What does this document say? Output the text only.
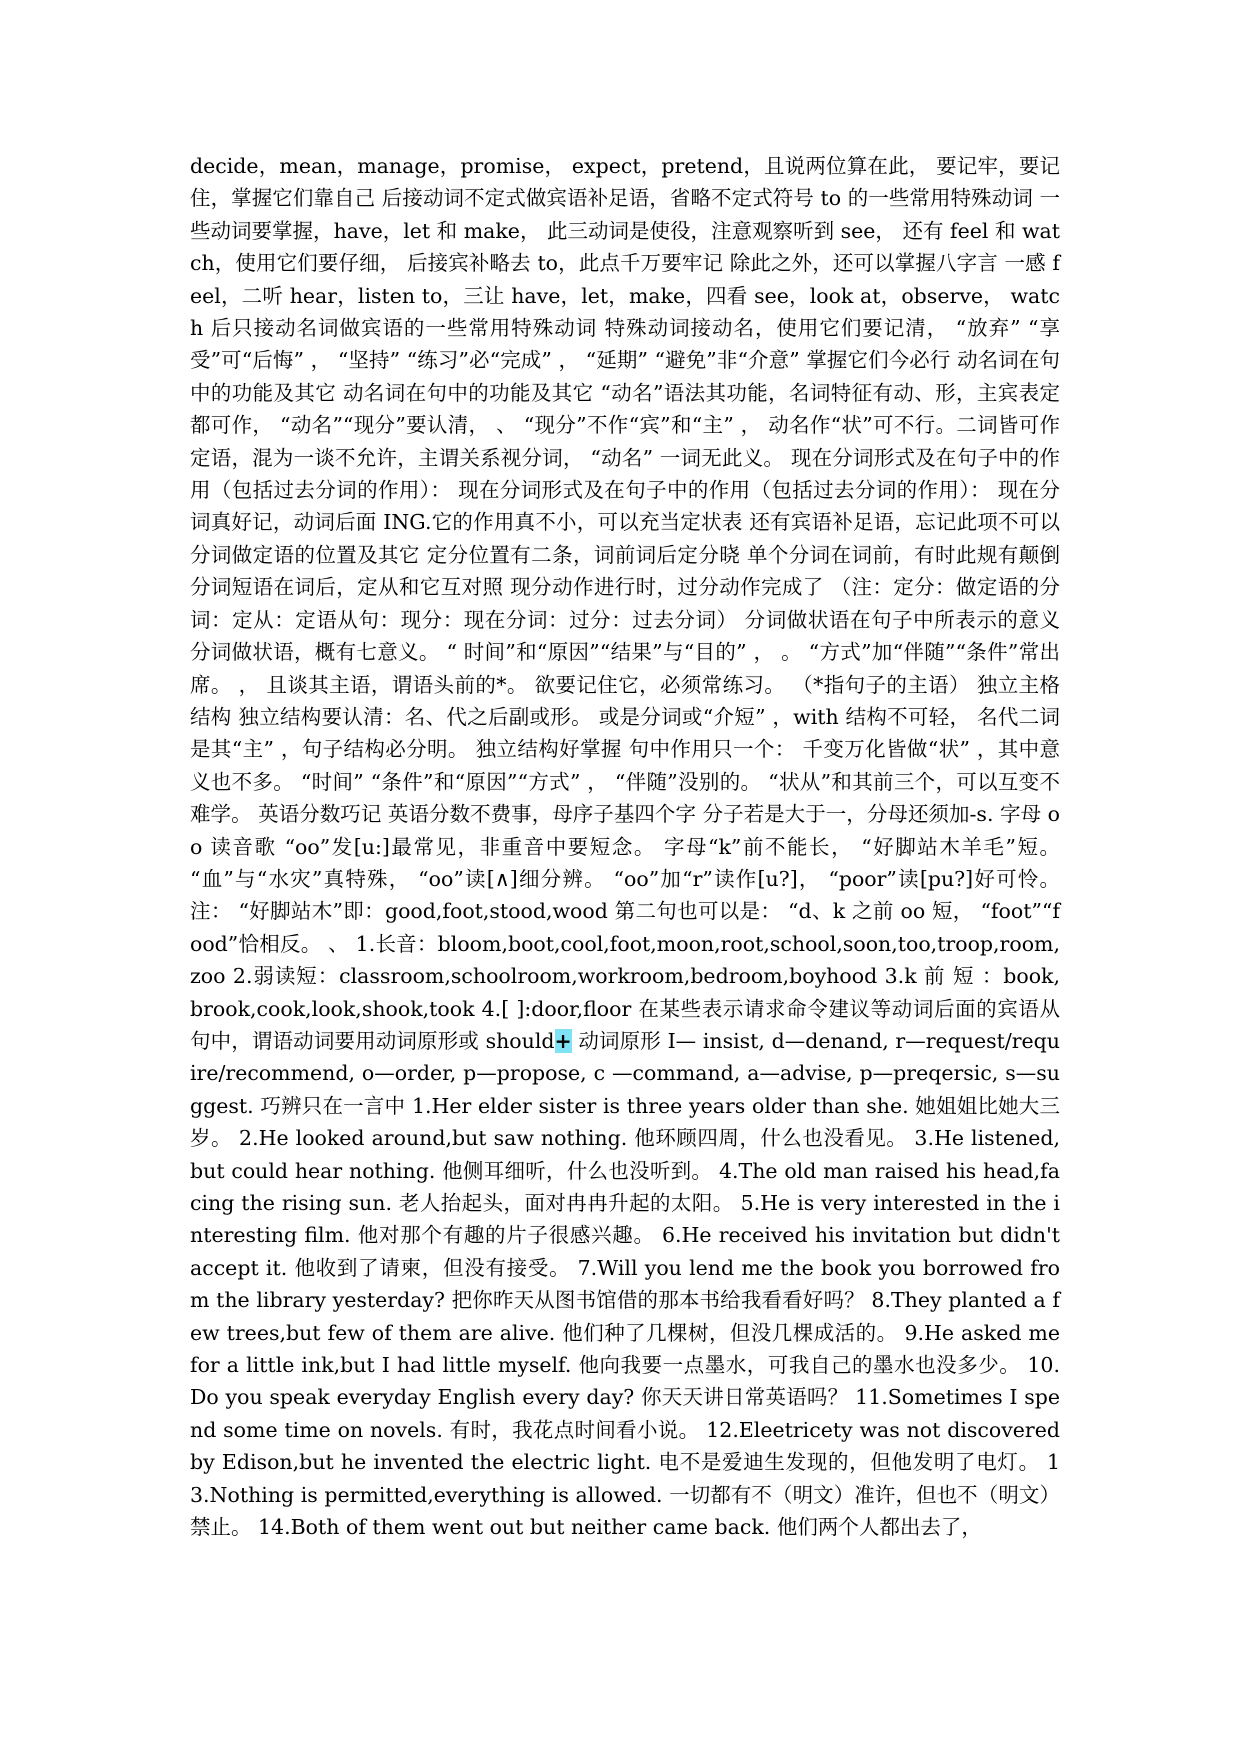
decide，mean，manage，promise， expect，pretend，且说两位算在此， 要记牢，要记住，掌握它们靠自己 后接动词不定式做宾语补足语，省略不定式符号 to 的一些常用特殊动词 一些动词要掌握，have，let 和 make， 此三动词是使役，注意观察听到 see， 还有 feel 和 watch，使用它们要仔细， 后接宾补略去 to，此点千万要牢记 除此之外，还可以掌握八字言 一感 feel，二听 hear，listen to，三让 have，let，make，四看 see，look at，observe， watch 后只接动名词做宾语的一些常用特殊动词 特殊动词接动名，使用它们要记清， “放弃” “享受”可“后悔” ， “坚持” “练习”必“完成” ， “延期” “避免”非“介意” 掌握它们今必行 动名词在句中的功能及其它 动名词在句中的功能及其它 “动名”语法其功能，名词特征有动、形，主宾表定都可作， “动名”“现分”要认清， 、 “现分”不作“宾”和“主” ， 动名作“状”可不行。二词皆可作定语，混为一谈不允许，主谓关系视分词， “动名” 一词无此义。 现在分词形式及在句子中的作用（包括过去分词的作用）： 现在分词形式及在句子中的作用（包括过去分词的作用）： 现在分词真好记，动词后面 ING.它的作用真不小，可以充当定状表 还有宾语补足语，忘记此项不可以 分词做定语的位置及其它 定分位置有二条，词前词后定分晓 单个分词在词前，有时此规有颠倒 分词短语在词后，定从和它互对照 现分动作进行时，过分动作完成了 （注：定分：做定语的分词：定从：定语从句：现分：现在分词：过分：过去分词） 分词做状语在句子中所表示的意义 分词做状语，概有七意义。 “ 时间”和“原因”“结果”与“目的” ， 。 “方式”加“伴随”“条件”常出席。 ， 且谈其主语，谓语头前的*。 欲要记住它，必须常练习。 （*指句子的主语） 独立主格结构 独立结构要认清：名、代之后副或形。 或是分词或“介短” ，with 结构不可轻， 名代二词是其“主” ，句子结构必分明。 独立结构好掌握 句中作用只一个： 千变万化皆做“状” ，其中意义也不多。 “时间” “条件”和“原因”“方式” ， “伴随”没别的。 “状从”和其前三个，可以互变不难学。 英语分数巧记 英语分数不费事，母序子基四个字 分子若是大于一，分母还须加-s. 字母 oo 读音歌 “oo”发[u:]最常见，非重音中要短念。 字母“k”前不能长， “好脚站木羊毛”短。 “血”与“水灾”真特殊， “oo”读[∧]细分辨。 “oo”加“r”读作[u?]， “poor”读[pu?]好可怜。 注： “好脚站木”即：good,foot,stood,wood 第二句也可以是： “d、k 之前 oo 短， “foot”“food”恰相反。 、 1.长音：bloom,boot,cool,foot,moon,root,school,soon,too,troop,room,zoo 2.弱读短：classroom,schoolroom,workroom,bedroom,boyhood 3.k 前 短 ：book,brook,cook,look,shook,took 4.[ ]:door,floor 在某些表示请求命令建议等动词后面的宾语从句中，谓语动词要用动词原形或 should+ 动词原形 I— insist, d—denand, r—request/require/recommend, o—order, p—propose, c —command, a—advise, p—preqersic, s—suggest. 巧辨只在一言中 1.Her elder sister is three years older than she. 她姐姐比她大三岁。 2.He looked around,but saw nothing. 他环顾四周，什么也没看见。 3.He listened,but could hear nothing. 他侧耳细听，什么也没听到。 4.The old man raised his head,facing the rising sun. 老人抬起头，面对冉冉升起的太阳。 5.He is very interested in the interesting film. 他对那个有趣的片子很感兴趣。 6.He received his invitation but didn't accept it. 他收到了请柬，但没有接受。 7.Will you lend me the book you borrowed from the library yesterday? 把你昨天从图书馆借的那本书给我看看好吗？ 8.They planted a few trees,but few of them are alive. 他们种了几棵树，但没几棵成活的。 9.He asked me for a little ink,but I had little myself. 他向我要一点墨水，可我自己的墨水也没多少。 10.Do you speak everyday English every day? 你天天讲日常英语吗？ 11.Sometimes I spend some time on novels. 有时，我花点时间看小说。 12.Eleetricety was not discovered by Edison,but he invented the electric light. 电不是爱迪生发现的，但他发明了电灯。 13.Nothing is permitted,everything is allowed. 一切都有不（明文）准许，但也不（明文）禁止。 14.Both of them went out but neither came back. 他们两个人都出去了，
